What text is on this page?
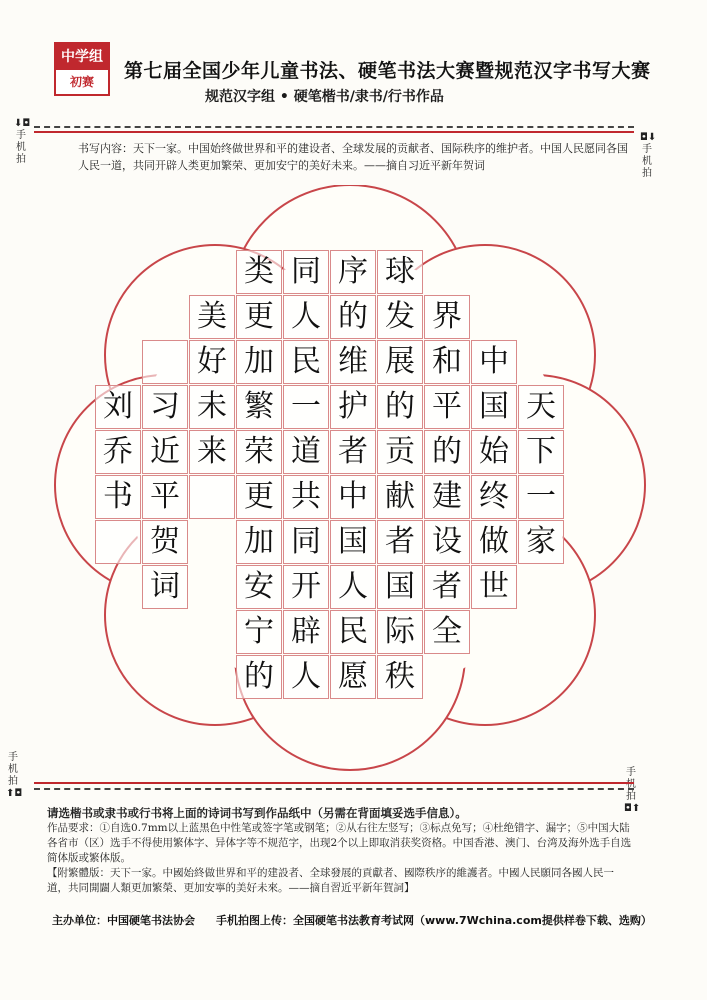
中学组
初赛	第七届全国少年儿童书法、硬笔书法大赛暨规范汉字书写大赛
规范汉字组 • 硬笔楷书/隶书/行书作品
⬇◘
手机拍
◘⬇
手机拍
手机拍
⬆◘
手机拍
◘⬆
书写内容：天下一家。中国始终做世界和平的建设者、全球发展的贡献者、国际秩序的维护者。中国人民愿同各国人民一道，共同开辟人类更加繁荣、更加安宁的美好未来。——摘自习近平新年贺词
天
下
一
家
中
国
始
终
做
世
界
和
平
的
建
设
者
全
球
发
展
的
贡
献
者
国
际
秩
序
的
维
护
者
中
国
人
民
愿
同
人
民
一
道
共
同
开
辟
人
类
更
加
繁
荣
更
加
安
宁
的
美
好
未
来
习
近
平
贺
词
刘
乔
书
请选楷书或隶书或行书将上面的诗词书写到作品纸中（另需在背面填妥选手信息）。
作品要求：①自选0.7mm以上蓝黑色中性笔或签字笔或钢笔；②从右往左竖写；③标点免写；④杜绝错字、漏字；⑤中国大陆各省市（区）选手不得使用繁体字、异体字等不规范字，出现2个以上即取消获奖资格。中国香港、澳门、台湾及海外选手自选简体版或繁体版。
【附繁體版：天下一家。中國始終做世界和平的建設者、全球發展的貢獻者、國際秩序的維護者。中國人民願同各國人民一道，共同開闢人類更加繁榮、更加安寧的美好未來。——摘自習近平新年賀詞】
主办单位：中国硬笔书法协会 手机拍图上传：全国硬笔书法教育考试网（www.7Wchina.com提供样卷下载、选购）
